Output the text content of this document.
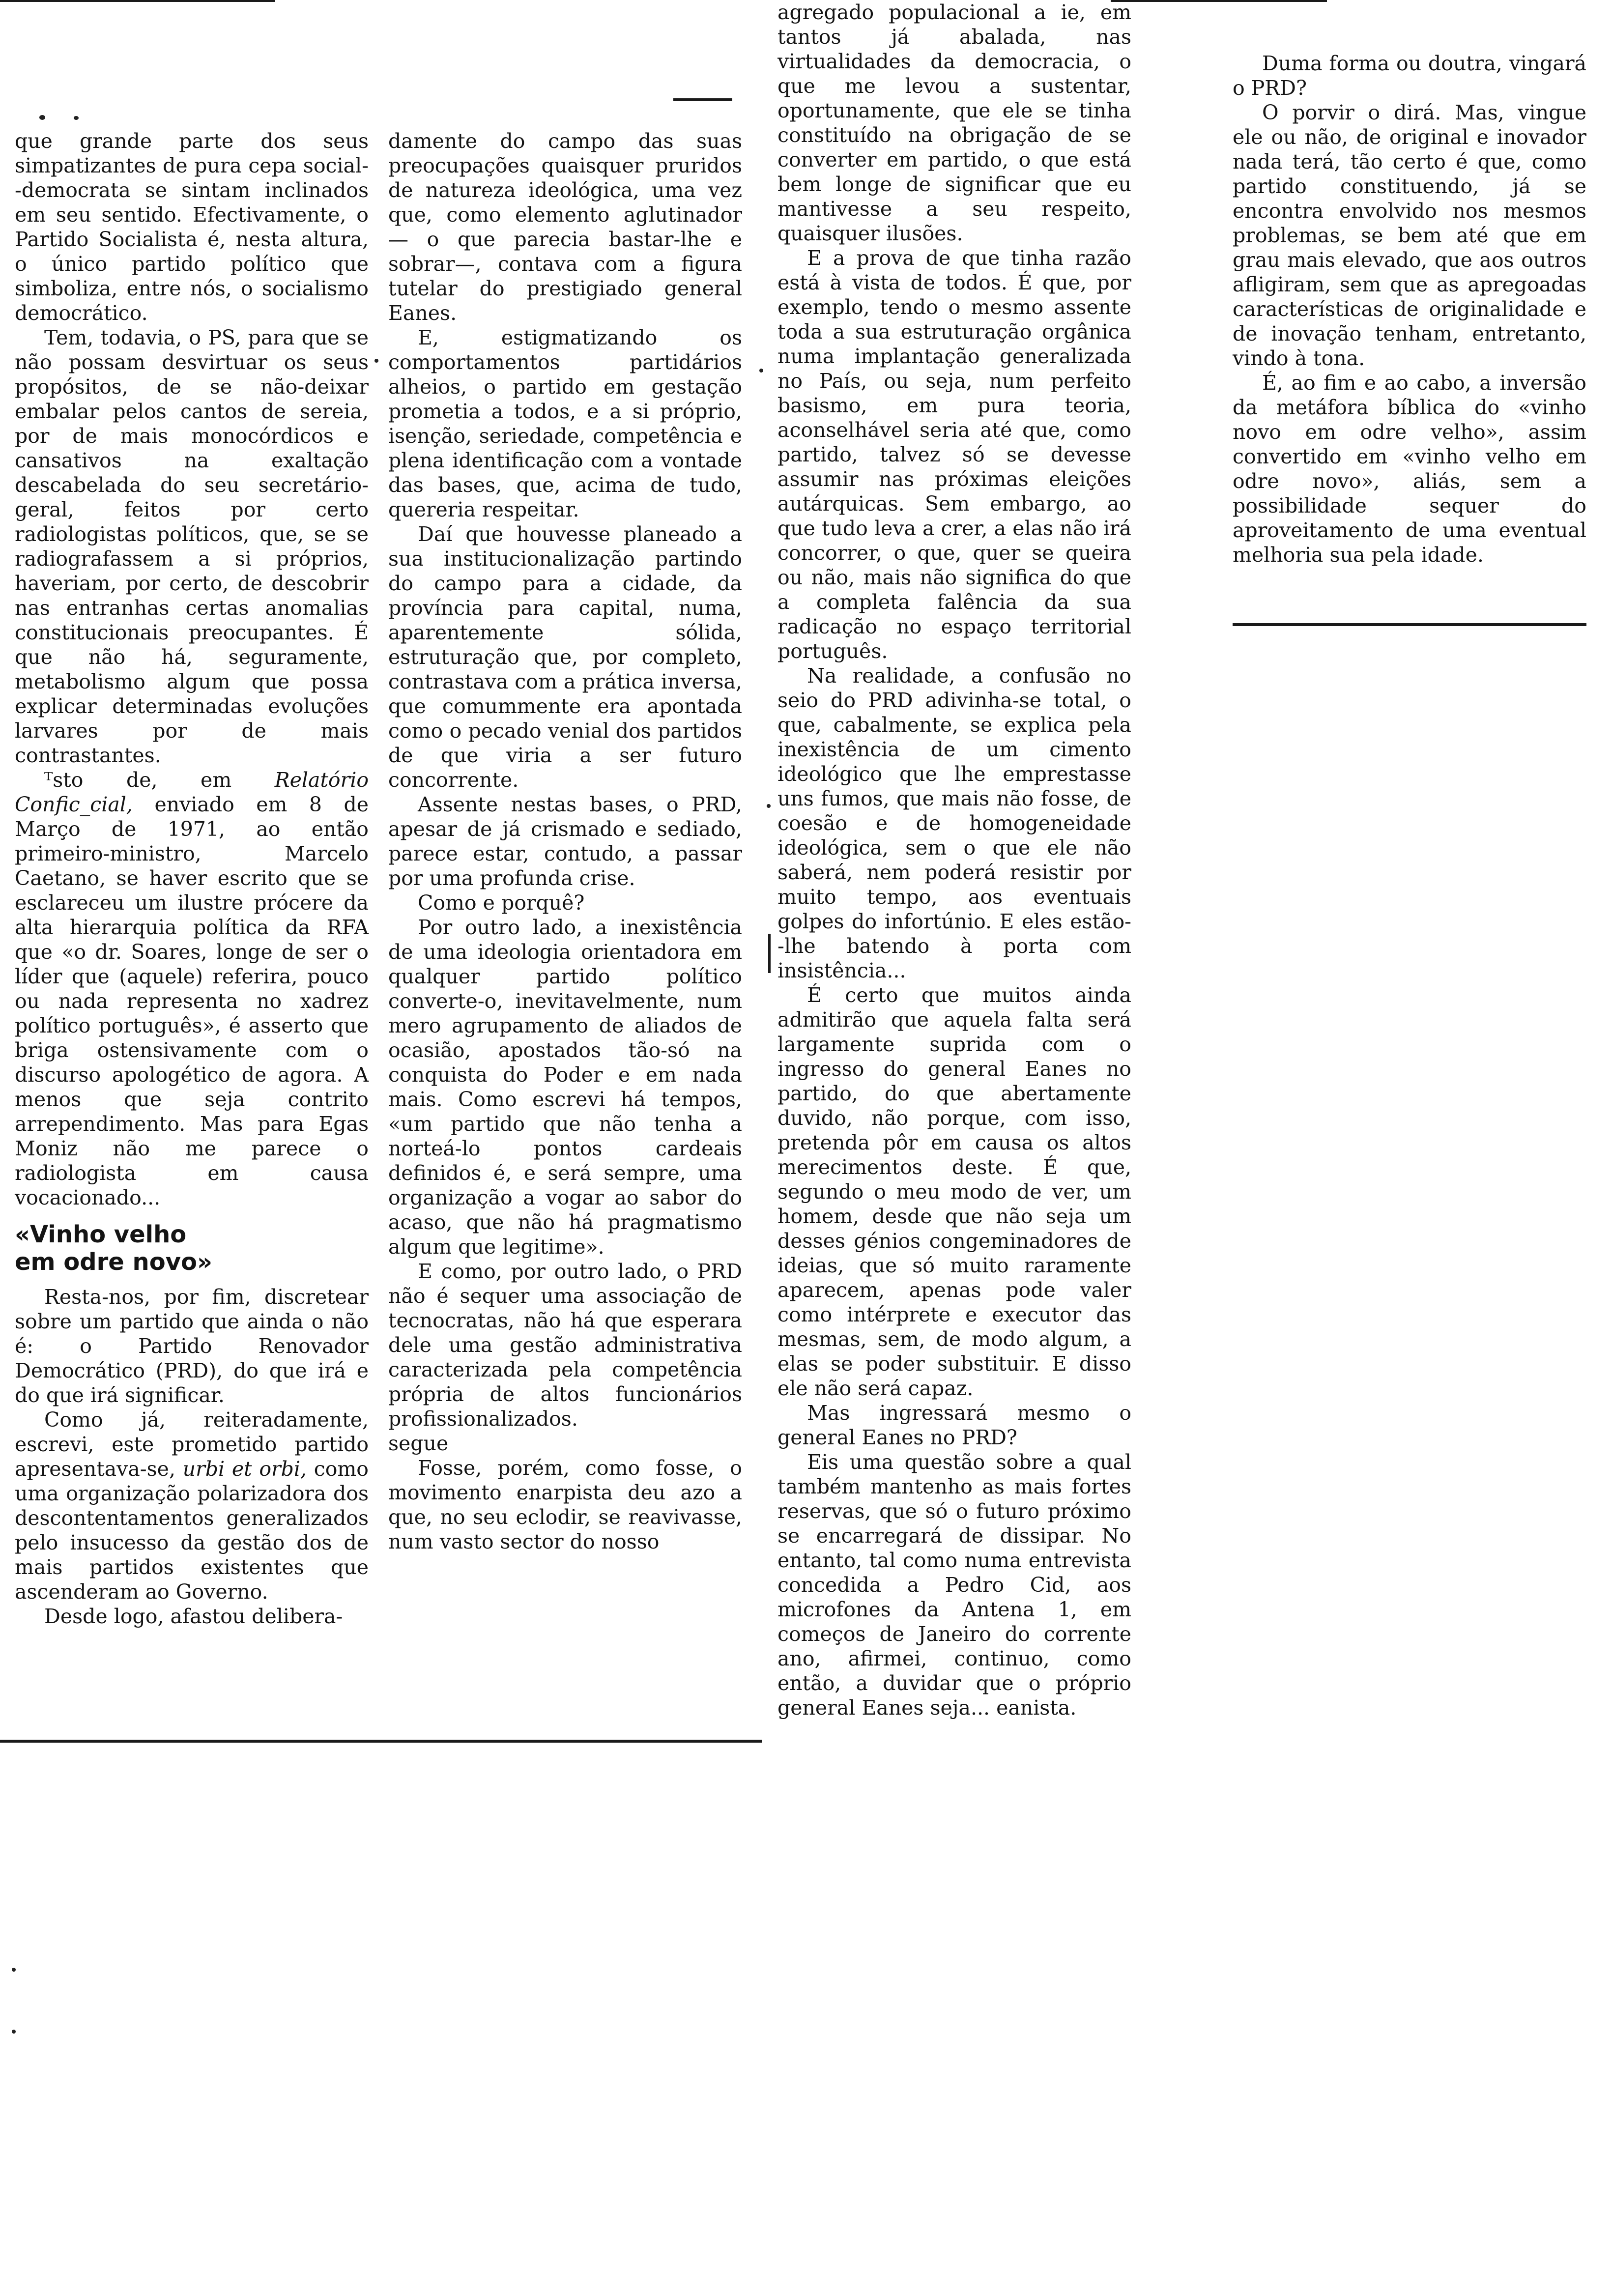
que grande parte dos seus simpatizantes de pura cepa social--democrata se sintam inclinados em seu sentido. Efectivamente, o Partido Socialista é, nesta altura, o único partido político que simboliza, entre nós, o socialismo democrático.

Tem, todavia, o PS, para que se não possam desvirtuar os seus propósitos, de se não-deixar embalar pelos cantos de sereia, por de mais monocórdicos e cansativos na exaltação descabelada do seu secretário-geral, feitos por certo radiologistas políticos, que, se se radiografassem a si próprios, haveriam, por certo, de descobrir nas entranhas certas anomalias constitucionais preocupantes. É que não há, seguramente, metabolismo algum que possa explicar determinadas evoluções larvares por de mais contrastantes.

ᵀsto de, em Relatório Confic_cial, enviado em 8 de Março de 1971, ao então primeiro-ministro, Marcelo Caetano, se haver escrito que se esclareceu um ilustre prócere da alta hierarquia política da RFA que «o dr. Soares, longe de ser o líder que (aquele) referira, pouco ou nada representa no xadrez político português», é asserto que briga ostensivamente com o discurso apologético de agora. A menos que seja contrito arrependimento. Mas para Egas Moniz não me parece o radiologista em causa vocacionado...

«Vinho velho
em odre novo»

Resta-nos, por fim, discretear sobre um partido que ainda o não é: o Partido Renovador Democrático (PRD), do que irá e do que irá significar.

Como já, reiteradamente, escrevi, este prometido partido apresentava-se, urbi et orbi, como uma organização polarizadora dos descontentamentos generalizados pelo insucesso da gestão dos de mais partidos existentes que ascenderam ao Governo.

Desde logo, afastou delibera-

damente do campo das suas preocupações quaisquer pruridos de natureza ideológica, uma vez que, como elemento aglutinador — o que parecia bastar-lhe e sobrar—, contava com a figura tutelar do prestigiado general Eanes.

E, estigmatizando os comportamentos partidários alheios, o partido em gestação prometia a todos, e a si próprio, isenção, seriedade, competência e plena identificação com a vontade das bases, que, acima de tudo, quereria respeitar.

Daí que houvesse planeado a sua institucionalização partindo do campo para a cidade, da província para capital, numa, aparentemente sólida, estruturação que, por completo, contrastava com a prática inversa, que comummente era apontada como o pecado venial dos partidos de que viria a ser futuro concorrente.

Assente nestas bases, o PRD, apesar de já crismado e sediado, parece estar, contudo, a passar por uma profunda crise.

Como e porquê?

Por outro lado, a inexistência de uma ideologia orientadora em qualquer partido político converte-o, inevitavelmente, num mero agrupamento de aliados de ocasião, apostados tão-só na conquista do Poder e em nada mais. Como escrevi há tempos, «um partido que não tenha a norteá-lo pontos cardeais definidos é, e será sempre, uma organização a vogar ao sabor do acaso, que não há pragmatismo algum que legitime».

E como, por outro lado, o PRD não é sequer uma associação de tecnocratas, não há que esperara dele uma gestão administrativa caracterizada pela competência própria de altos funcionários profissionalizados.

segue

Fosse, porém, como fosse, o movimento enarpista deu azo a que, no seu eclodir, se reavivasse, num vasto sector do nosso

agregado populacional a ie, em tantos já abalada, nas virtualidades da democracia, o que me levou a sustentar, oportunamente, que ele se tinha constituído na obrigação de se converter em partido, o que está bem longe de significar que eu mantivesse a seu respeito, quaisquer ilusões.

E a prova de que tinha razão está à vista de todos. É que, por exemplo, tendo o mesmo assente toda a sua estruturação orgânica numa implantação generalizada no País, ou seja, num perfeito basismo, em pura teoria, aconselhável seria até que, como partido, talvez só se devesse assumir nas próximas eleições autárquicas. Sem embargo, ao que tudo leva a crer, a elas não irá concorrer, o que, quer se queira ou não, mais não significa do que a completa falência da sua radicação no espaço territorial português.

Na realidade, a confusão no seio do PRD adivinha-se total, o que, cabalmente, se explica pela inexistência de um cimento ideológico que lhe emprestasse uns fumos, que mais não fosse, de coesão e de homogeneidade ideológica, sem o que ele não saberá, nem poderá resistir por muito tempo, aos eventuais golpes do infortúnio. E eles estão--lhe batendo à porta com insistência...

É certo que muitos ainda admitirão que aquela falta será largamente suprida com o ingresso do general Eanes no partido, do que abertamente duvido, não porque, com isso, pretenda pôr em causa os altos merecimentos deste. É que, segundo o meu modo de ver, um homem, desde que não seja um desses génios congeminadores de ideias, que só muito raramente aparecem, apenas pode valer como intérprete e executor das mesmas, sem, de modo algum, a elas se poder substituir. E disso ele não será capaz.

Mas ingressará mesmo o general Eanes no PRD?

Eis uma questão sobre a qual também mantenho as mais fortes reservas, que só o futuro próximo se encarregará de dissipar. No entanto, tal como numa entrevista concedida a Pedro Cid, aos microfones da Antena 1, em começos de Janeiro do corrente ano, afirmei, continuo, como então, a duvidar que o próprio general Eanes seja... eanista.

Duma forma ou doutra, vingará o PRD?

O porvir o dirá. Mas, vingue ele ou não, de original e inovador nada terá, tão certo é que, como partido constituendo, já se encontra envolvido nos mesmos problemas, se bem até que em grau mais elevado, que aos outros afligiram, sem que as apregoadas características de originalidade e de inovação tenham, entretanto, vindo à tona.

É, ao fim e ao cabo, a inversão da metáfora bíblica do «vinho novo em odre velho», assim convertido em «vinho velho em odre novo», aliás, sem a possibilidade sequer do aproveitamento de uma eventual melhoria sua pela idade.
